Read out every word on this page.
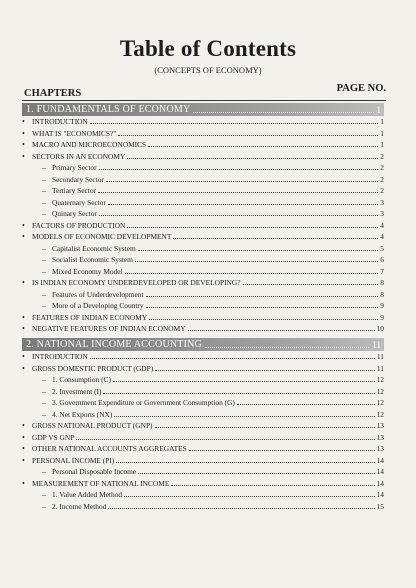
Table of Contents
(CONCEPTS OF ECONOMY)
CHAPTERS	PAGE NO.
1. FUNDAMENTALS OF ECONOMY	1
• INTRODUCTION	1
• WHAT IS "ECONOMICS?"	1
• MACRO AND MICROECONOMICS	1
• SECTORS IN AN ECONOMY	2
– Primary Sector	2
– Secondary Sector	2
– Tertiary Sector	2
– Quaternary Sector	3
– Quinary Sector	3
• FACTORS OF PRODUCTION	4
• MODELS OF ECONOMIC DEVELOPMENT	4
– Capitalist Economic System	5
– Socialist Economic System	6
– Mixed Economy Model	7
• IS INDIAN ECONOMY UNDERDEVELOPED OR DEVELOPING?	8
– Features of Underdevelopment	8
– More of a Developing Country	9
• FEATURES OF INDIAN ECONOMY	9
• NEGATIVE FEATURES OF INDIAN ECONOMY	10
2. NATIONAL INCOME ACCOUNTING	11
• INTRODUCTION	11
• GROSS DOMESTIC PRODUCT (GDP)	11
– 1. Consumption (C)	12
– 2. Investment (I)	12
– 3. Government Expenditure or Government Consumption (G)	12
– 4. Net Exports (NX)	12
• GROSS NATIONAL PRODUCT (GNP)	13
• GDP VS GNP	13
• OTHER NATIONAL ACCOUNTS AGGREGATES	13
• PERSONAL INCOME (PI)	14
– Personal Disposable Income	14
• MEASUREMENT OF NATIONAL INCOME	14
– 1. Value Added Method	14
– 2. Income Method	15
